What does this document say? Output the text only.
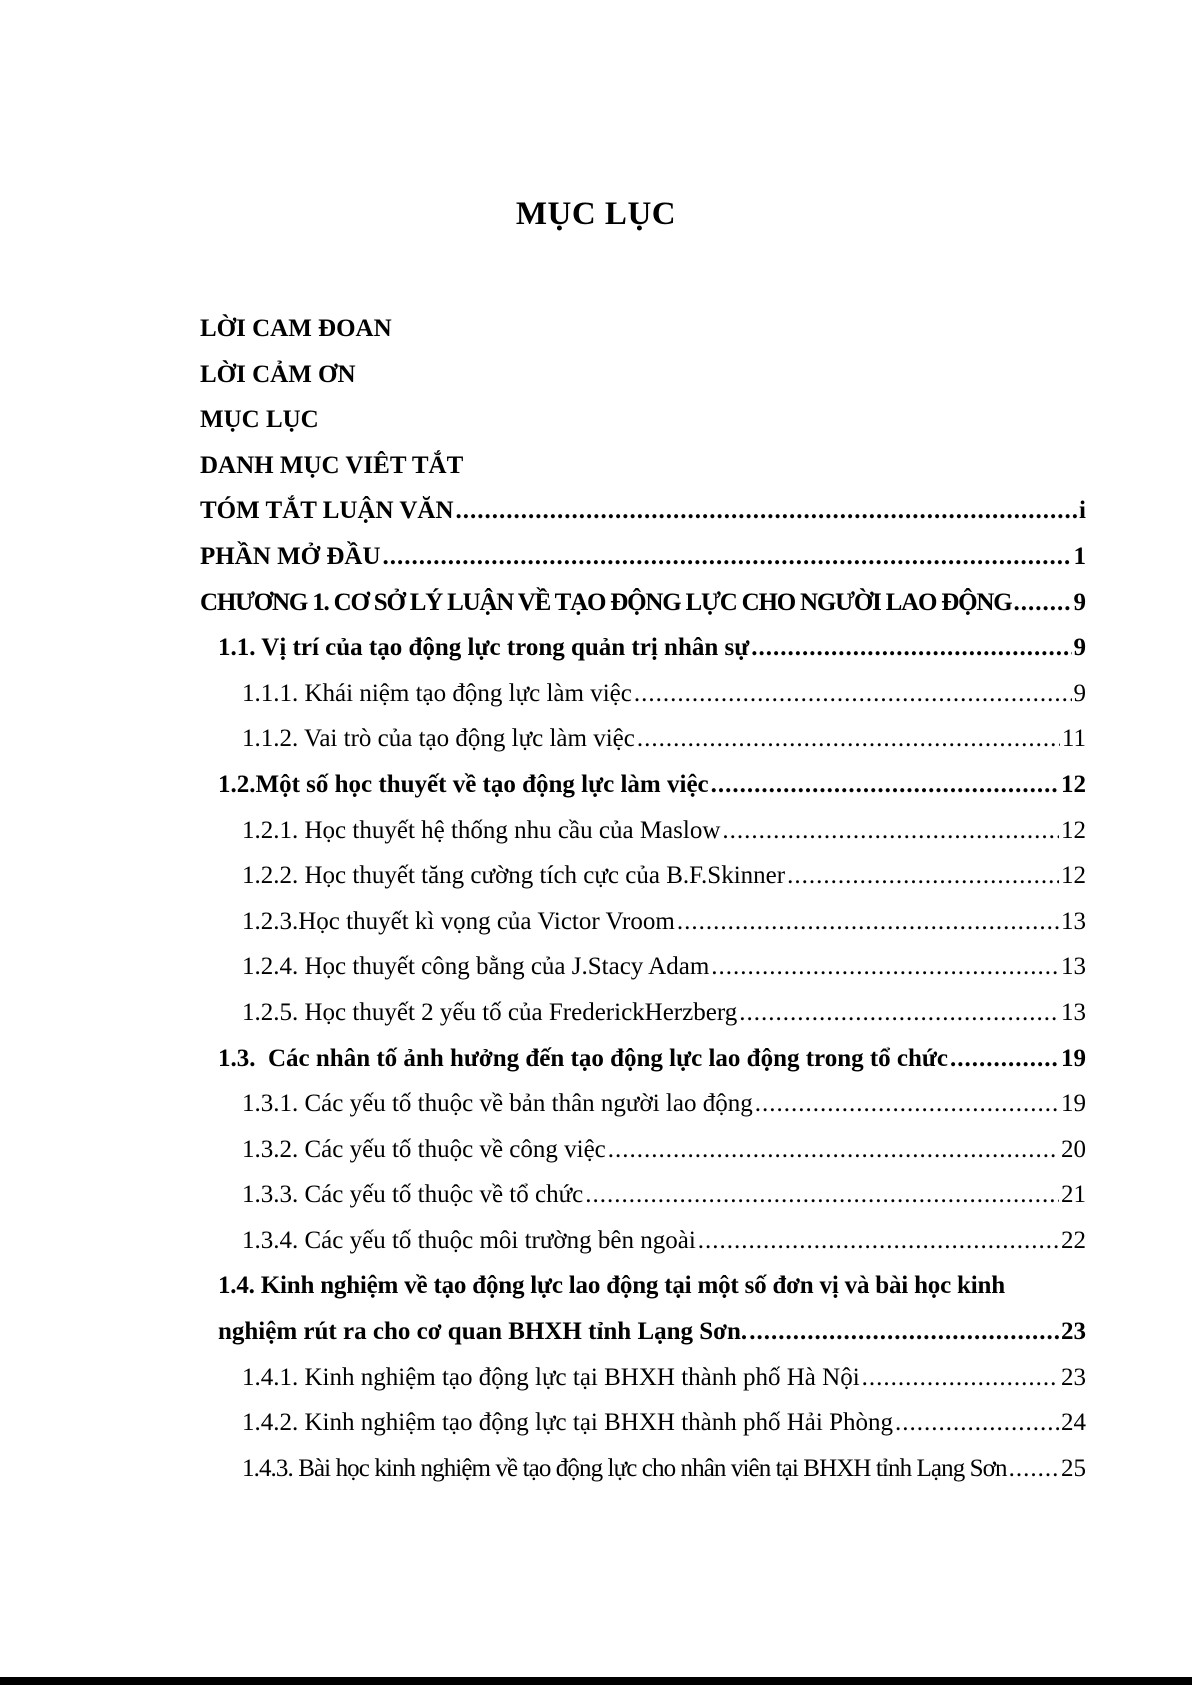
MỤC LỤC
LỜI CAM ĐOAN
LỜI CẢM ƠN
MỤC LỤC
DANH MỤC VIÊT TẮT
TÓM TẮT LUẬN VĂN .....	i
PHẦN MỞ ĐẦU .....	1
CHƯƠNG 1. CƠ SỞ LÝ LUẬN VỀ TẠO ĐỘNG LỰC CHO NGƯỜI LAO ĐỘNG ..... 9
1.1. Vị trí của tạo động lực trong quản trị nhân sự .....	9
1.1.1. Khái niệm tạo động lực làm việc .....	9
1.1.2. Vai trò của tạo động lực làm việc .....	11
1.2.Một số học thuyết về tạo động lực làm việc .....	12
1.2.1. Học thuyết hệ thống nhu cầu của Maslow .....	12
1.2.2. Học thuyết tăng cường tích cực của B.F.Skinner .....	12
1.2.3.Học thuyết kì vọng của Victor Vroom .....	13
1.2.4. Học thuyết công bằng của J.Stacy Adam .....	13
1.2.5. Học thuyết 2 yếu tố của FrederickHerzberg .....	13
1.3.  Các nhân tố ảnh hưởng đến tạo động lực lao động trong tổ chức .....	19
1.3.1. Các yếu tố thuộc về bản thân người lao động .....	19
1.3.2. Các yếu tố thuộc về công việc .....	20
1.3.3. Các yếu tố thuộc về tổ chức .....	21
1.3.4. Các yếu tố thuộc môi trường bên ngoài .....	22
1.4. Kinh nghiệm về tạo động lực lao động tại một số đơn vị và bài học kinh
nghiệm rút ra cho cơ quan BHXH tỉnh Lạng Sơn. .....	23
1.4.1. Kinh nghiệm tạo động lực tại BHXH thành phố Hà Nội .....	23
1.4.2. Kinh nghiệm tạo động lực tại BHXH thành phố Hải Phòng .....	24
1.4.3. Bài học kinh nghiệm về tạo động lực cho nhân viên tại BHXH tỉnh Lạng Sơn ..... 25
